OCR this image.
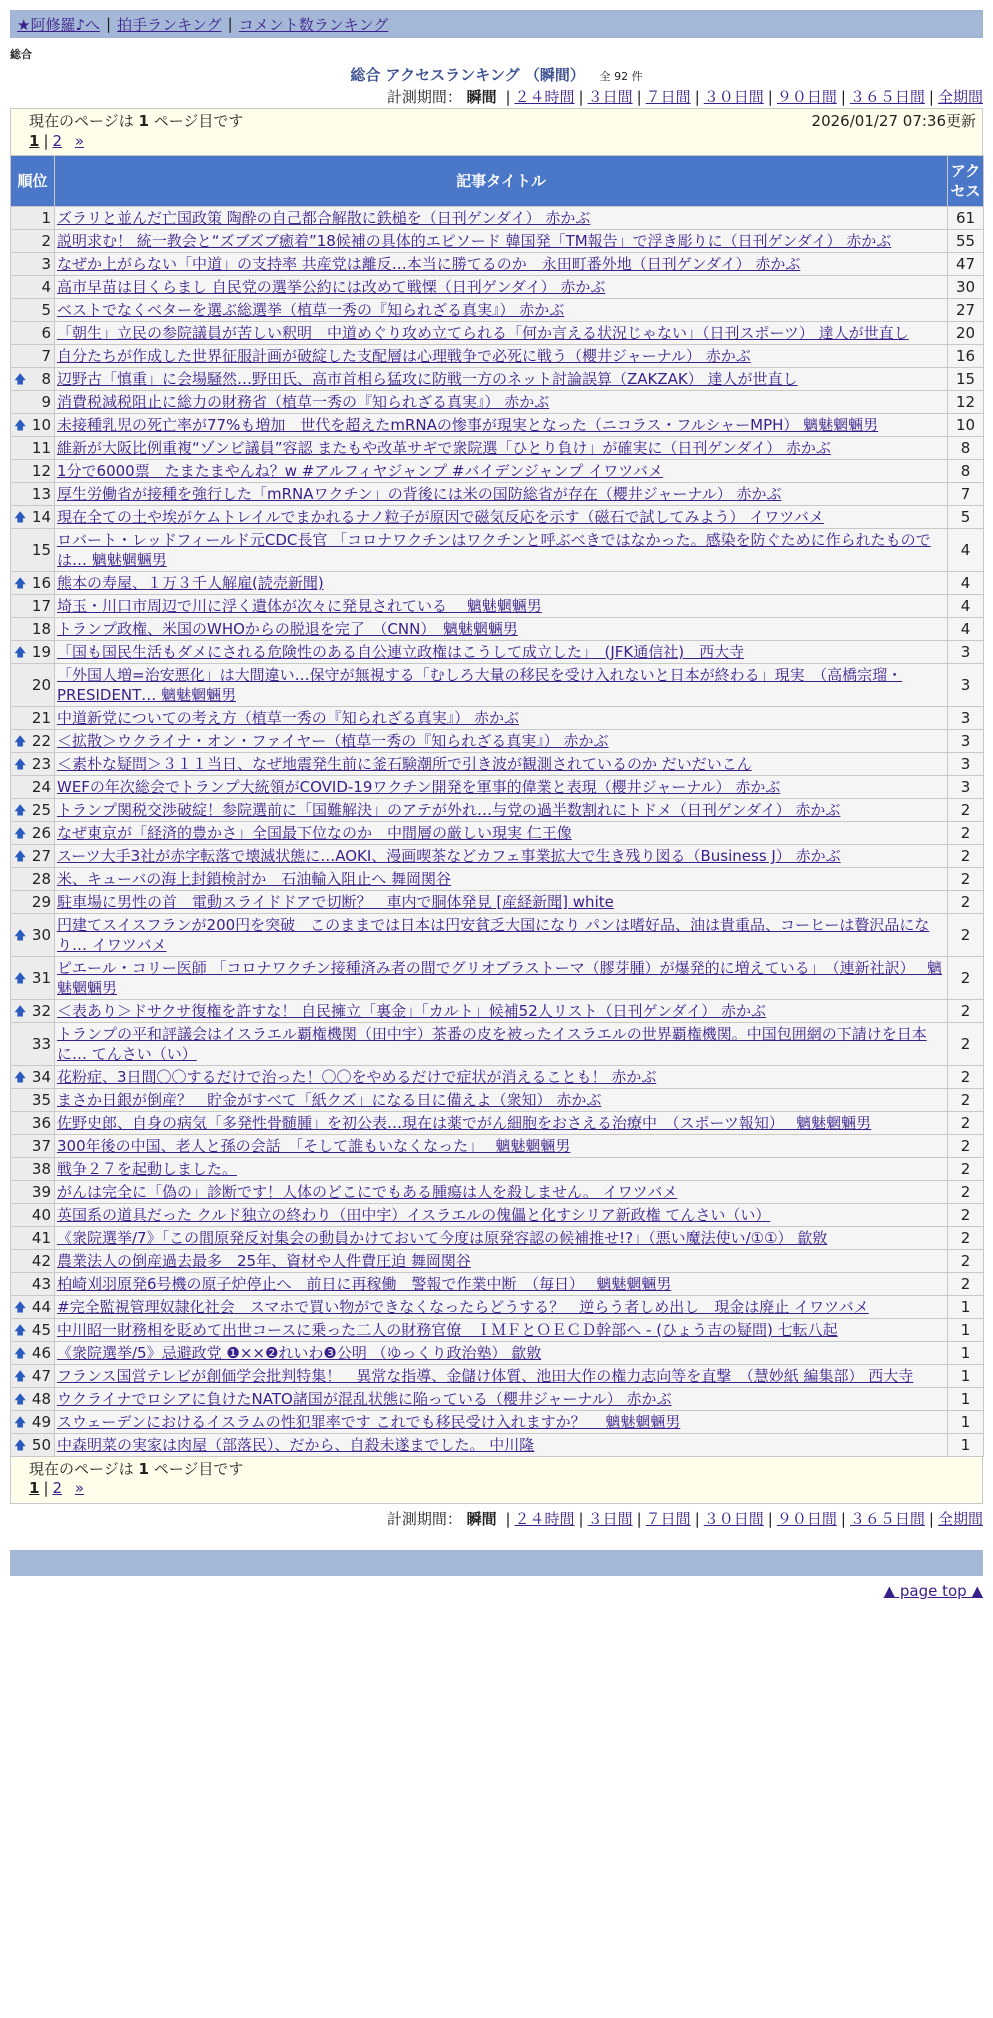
★阿修羅♪へ | 拍手ランキング | コメント数ランキング
総合
総合 アクセスランキング （瞬間） 全 92 件
計測期間： 瞬間 | ２４時間 | ３日間 | ７日間 | ３０日間 | ９０日間 | ３６５日間 | 全期間
現在のページは 1 ページ目です	2026/01/27 07:36更新
1 | 2 »
順位	記事タイトル	アクセス
1	ズラリと並んだ亡国政策 陶酔の自己都合解散に鉄槌を（日刊ゲンダイ） 赤かぶ	61
2	説明求む！ 統一教会と“ズブズブ癒着”18候補の具体的エピソード 韓国発「TM報告」で浮き彫りに（日刊ゲンダイ） 赤かぶ	55
3	なぜか上がらない「中道」の支持率 共産党は離反…本当に勝てるのか　永田町番外地（日刊ゲンダイ） 赤かぶ	47
4	高市早苗は目くらまし 自民党の選挙公約には改めて戦慄（日刊ゲンダイ） 赤かぶ	30
5	ベストでなくベターを選ぶ総選挙（植草一秀の『知られざる真実』） 赤かぶ	27
6	「朝生」立民の参院議員が苦しい釈明　中道めぐり攻め立てられる「何か言える状況じゃない」（日刊スポーツ） 達人が世直し	20
7	自分たちが作成した世界征服計画が破綻した支配層は心理戦争で必死に戦う（櫻井ジャーナル） 赤かぶ	16

🡅 8	辺野古「慎重」に会場騒然…野田氏、高市首相ら猛攻に防戦一方のネット討論誤算（ZAKZAK） 達人が世直し	15
9	消費税減税阻止に総力の財務省（植草一秀の『知られざる真実』） 赤かぶ	12

🡅 10	未接種乳児の死亡率が77%も増加　世代を超えたmRNAの惨事が現実となった（ニコラス・フルシャーMPH） 魑魅魍魎男	10
11	維新が大阪比例重複“ゾンビ議員”容認 またもや改革サギで衆院選「ひとり負け」が確実に（日刊ゲンダイ） 赤かぶ	8
12	1分で6000票　たまたまやんね？w #アルフィヤジャンプ #バイデンジャンプ イワツバメ	8
13	厚生労働省が接種を強行した「mRNAワクチン」の背後には米の国防総省が存在（櫻井ジャーナル） 赤かぶ	7

🡅 14	現在全ての土や埃がケムトレイルでまかれるナノ粒子が原因で磁気反応を示す（磁石で試してみよう） イワツバメ	5
15	ロバート・レッドフィールド元CDC長官 「コロナワクチンはワクチンと呼ぶべきではなかった。感染を防ぐために作られたものでは… 魑魅魍魎男	4

🡅 16	熊本の寿屋、１万３千人解雇(読売新聞)	4
17	埼玉・川口市周辺で川に浮く遺体が次々に発見されている　 魑魅魍魎男	4
18	トランプ政権、米国のWHOからの脱退を完了　（CNN）　魑魅魍魎男	4

🡅 19	「国も国民生活もダメにされる危険性のある自公連立政権はこうして成立した」　(JFK通信社)　西大寺	3
20	「外国人増=治安悪化」は大間違い…保守が無視する「むしろ大量の移民を受け入れないと日本が終わる」現実　（高橋宗瑠・PRESIDENT… 魑魅魍魎男	3
21	中道新党についての考え方（植草一秀の『知られざる真実』） 赤かぶ	3

🡅 22	＜拡散＞ウクライナ・オン・ファイヤー（植草一秀の『知られざる真実』） 赤かぶ	3

🡅 23	＜素朴な疑問＞３１１当日、なぜ地震発生前に釜石験潮所で引き波が観測されているのか だいだいこん	3
24	WEFの年次総会でトランプ大統領がCOVID-19ワクチン開発を軍事的偉業と表現（櫻井ジャーナル） 赤かぶ	3

🡅 25	トランプ関税交渉破綻！参院選前に「国難解決」のアテが外れ…与党の過半数割れにトドメ（日刊ゲンダイ） 赤かぶ	2

🡅 26	なぜ東京が「経済的豊かさ」全国最下位なのか　中間層の厳しい現実 仁王像	2

🡅 27	スーツ大手3社が赤字転落で壊滅状態に…AOKI、漫画喫茶などカフェ事業拡大で生き残り図る（Business J） 赤かぶ	2
28	米、キューバの海上封鎖検討か　石油輸入阻止へ 舞岡関谷	2
29	駐車場に男性の首　電動スライドドアで切断？　車内で胴体発見 [産経新聞] white	2

🡅 30	円建てスイスフランが200円を突破　このままでは日本は円安貧乏大国になり パンは嗜好品、油は貴重品、コーヒーは贅沢品になり… イワツバメ	2

🡅 31	ピエール・コリー医師 「コロナワクチン接種済み者の間でグリオブラストーマ（膠芽腫）が爆発的に増えている」　（連新社訳）　 魑魅魍魎男	2

🡅 32	＜表あり＞ドサクサ復権を許すな！ 自民擁立「裏金」「カルト」候補52人リスト（日刊ゲンダイ） 赤かぶ	2
33	トランプの平和評議会はイスラエル覇権機関（田中宇）茶番の皮を被ったイスラエルの世界覇権機関。中国包囲網の下請けを日本に… てんさい（い）	2

🡅 34	花粉症、3日間〇〇するだけで治った！〇〇をやめるだけで症状が消えることも！ 赤かぶ	2
35	まさか日銀が倒産？　貯金がすべて「紙クズ」になる日に備えよ（衆知） 赤かぶ	2
36	佐野史郎、自身の病気「多発性骨髄腫」を初公表…現在は薬でがん細胞をおさえる治療中　（スポーツ報知）　 魑魅魍魎男	2
37	300年後の中国、老人と孫の会話　「そして誰もいなくなった」　 魑魅魍魎男	2
38	戦争２７を起動しました。	2
39	がんは完全に「偽の」診断です！人体のどこにでもある腫瘍は人を殺しません。 イワツバメ	2
40	英国系の道具だった クルド独立の終わり（田中宇）イスラエルの傀儡と化すシリア新政権 てんさい（い）	2
41	《衆院選挙/7》「この間原発反対集会の動員かけておいて今度は原発容認の候補推せ!?」（悪い魔法使い/①①） 歙敫	2
42	農業法人の倒産過去最多　25年、資材や人件費圧迫 舞岡関谷	2
43	柏崎刈羽原発6号機の原子炉停止へ　前日に再稼働　警報で作業中断　（毎日）　 魑魅魍魎男	2

🡅 44	#完全監視管理奴隷化社会　スマホで買い物ができなくなったらどうする？　逆らう者しめ出し　現金は廃止 イワツバメ	1

🡅 45	中川昭一財務相を貶めて出世コースに乗った二人の財務官僚　ＩＭＦとＯＥＣＤ幹部へ - (ひょう吉の疑問) 七転八起	1

🡅 46	《衆院選挙/5》忌避政党 ❶××❷れいわ❸公明 （ゆっくり政治塾） 歙敫	1

🡅 47	フランス国営テレビが創価学会批判特集！　異常な指導、金儲け体質、池田大作の権力志向等を直撃　（慧妙紙 編集部） 西大寺	1

🡅 48	ウクライナでロシアに負けたNATO諸国が混乱状態に陥っている（櫻井ジャーナル） 赤かぶ	1

🡅 49	スウェーデンにおけるイスラムの性犯罪率です これでも移民受け入れますか？　 魑魅魍魎男	1

🡅 50	中森明菜の実家は肉屋（部落民）、だから、自殺未遂までした。 中川隆	1
現在のページは 1 ページ目です
1 | 2 »
計測期間： 瞬間 | ２４時間 | ３日間 | ７日間 | ３０日間 | ９０日間 | ３６５日間 | 全期間
▲ page top ▲
